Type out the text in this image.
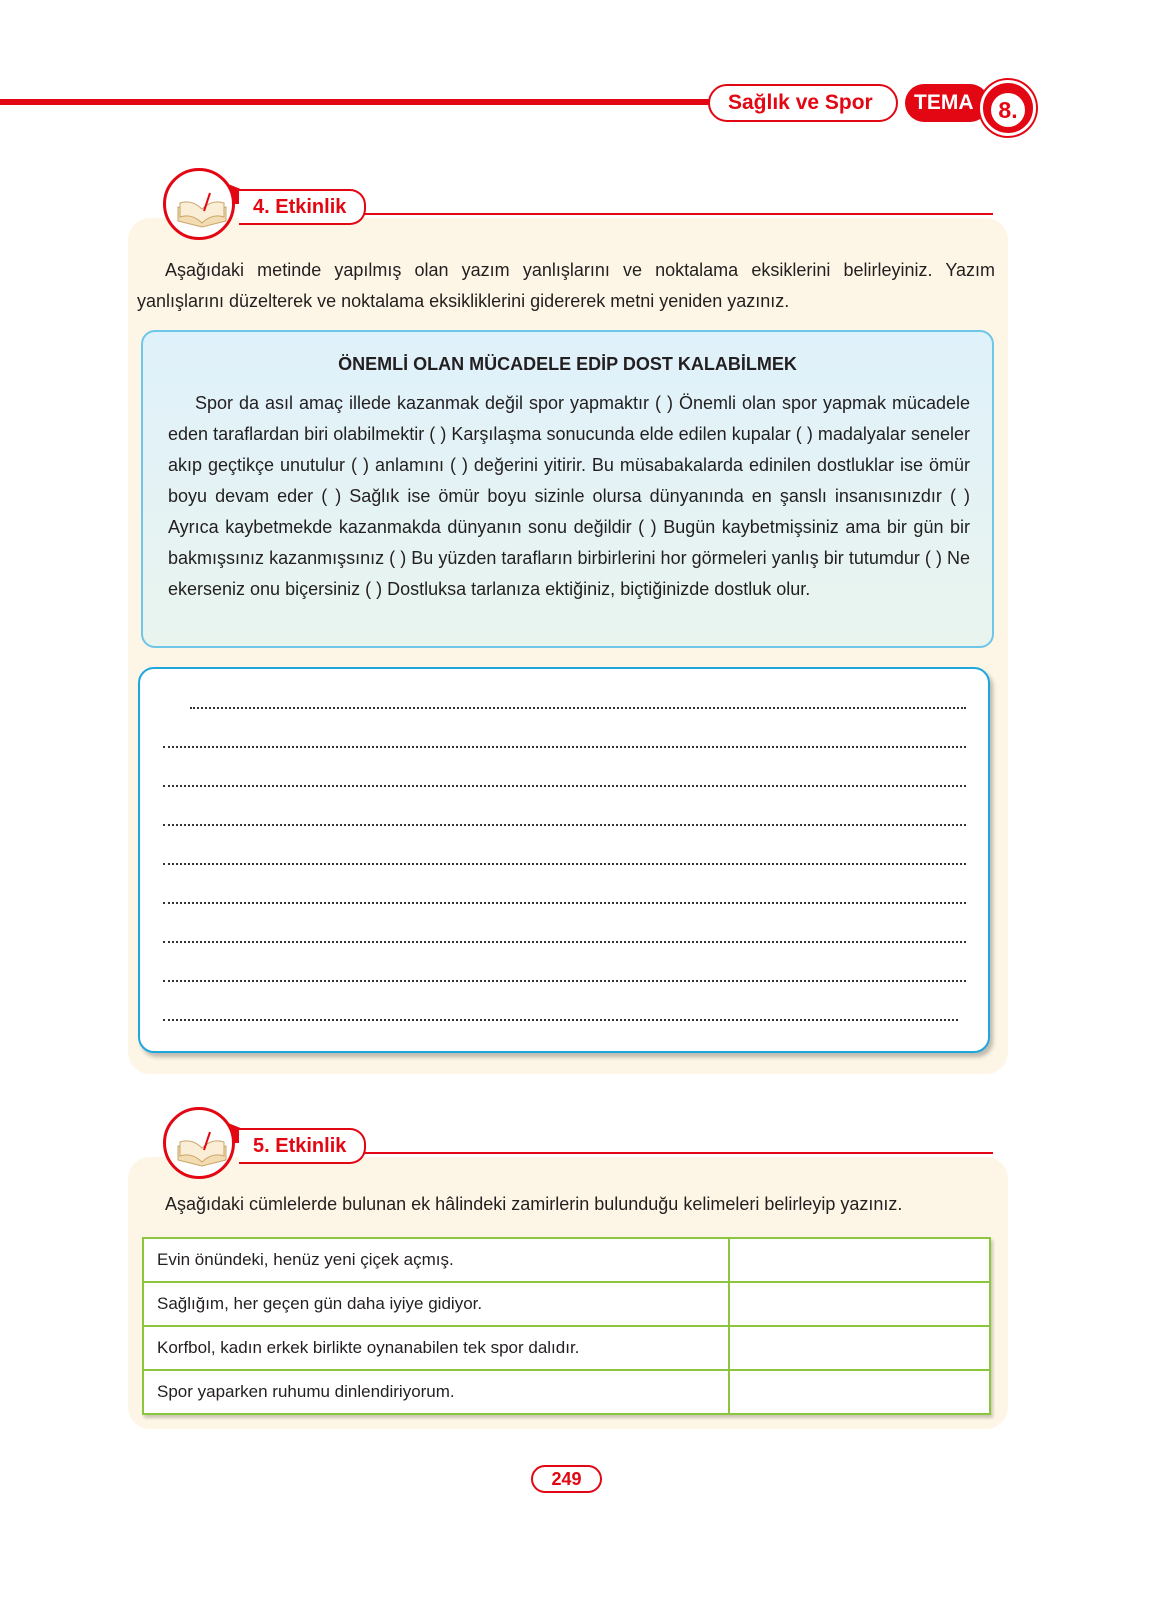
Sağlık ve Spor	TEMA	8.
4. Etkinlik
Aşağıdaki metinde yapılmış olan yazım yanlışlarını ve noktalama eksiklerini belirleyiniz. Yazım yanlışlarını düzelterek ve noktalama eksikliklerini gidererek metni yeniden yazınız.
ÖNEMLİ OLAN MÜCADELE EDİP DOST KALABİLMEK

Spor da asıl amaç illede kazanmak değil spor yapmaktır ( ) Önemli olan spor yapmak mücadele eden taraflardan biri olabilmektir ( ) Karşılaşma sonucunda elde edilen kupalar ( ) madalyalar seneler akıp geçtikçe unutulur ( ) anlamını ( ) değerini yitirir. Bu müsabakalarda edinilen dostluklar ise ömür boyu devam eder ( ) Sağlık ise ömür boyu sizinle olursa dünyanında en şanslı insanısınızdır ( ) Ayrıca kaybetmekde kazanmakda dünyanın sonu değildir ( ) Bugün kaybetmişsiniz ama bir gün bir bakmışsınız kazanmışsınız ( ) Bu yüzden tarafların birbirlerini hor görmeleri yanlış bir tutumdur ( ) Ne ekerseniz onu biçersiniz ( ) Dostluksa tarlanıza ektiğiniz, biçtiğinizde dostluk olur.

5. Etkinlik
Aşağıdaki cümlelerde bulunan ek hâlindeki zamirlerin bulunduğu kelimeleri belirleyip yazınız.
Evin önündeki, henüz yeni çiçek açmış.	
Sağlığım, her geçen gün daha iyiye gidiyor.	
Korfbol, kadın erkek birlikte oynanabilen tek spor dalıdır.	
Spor yaparken ruhumu dinlendiriyorum.	
249
